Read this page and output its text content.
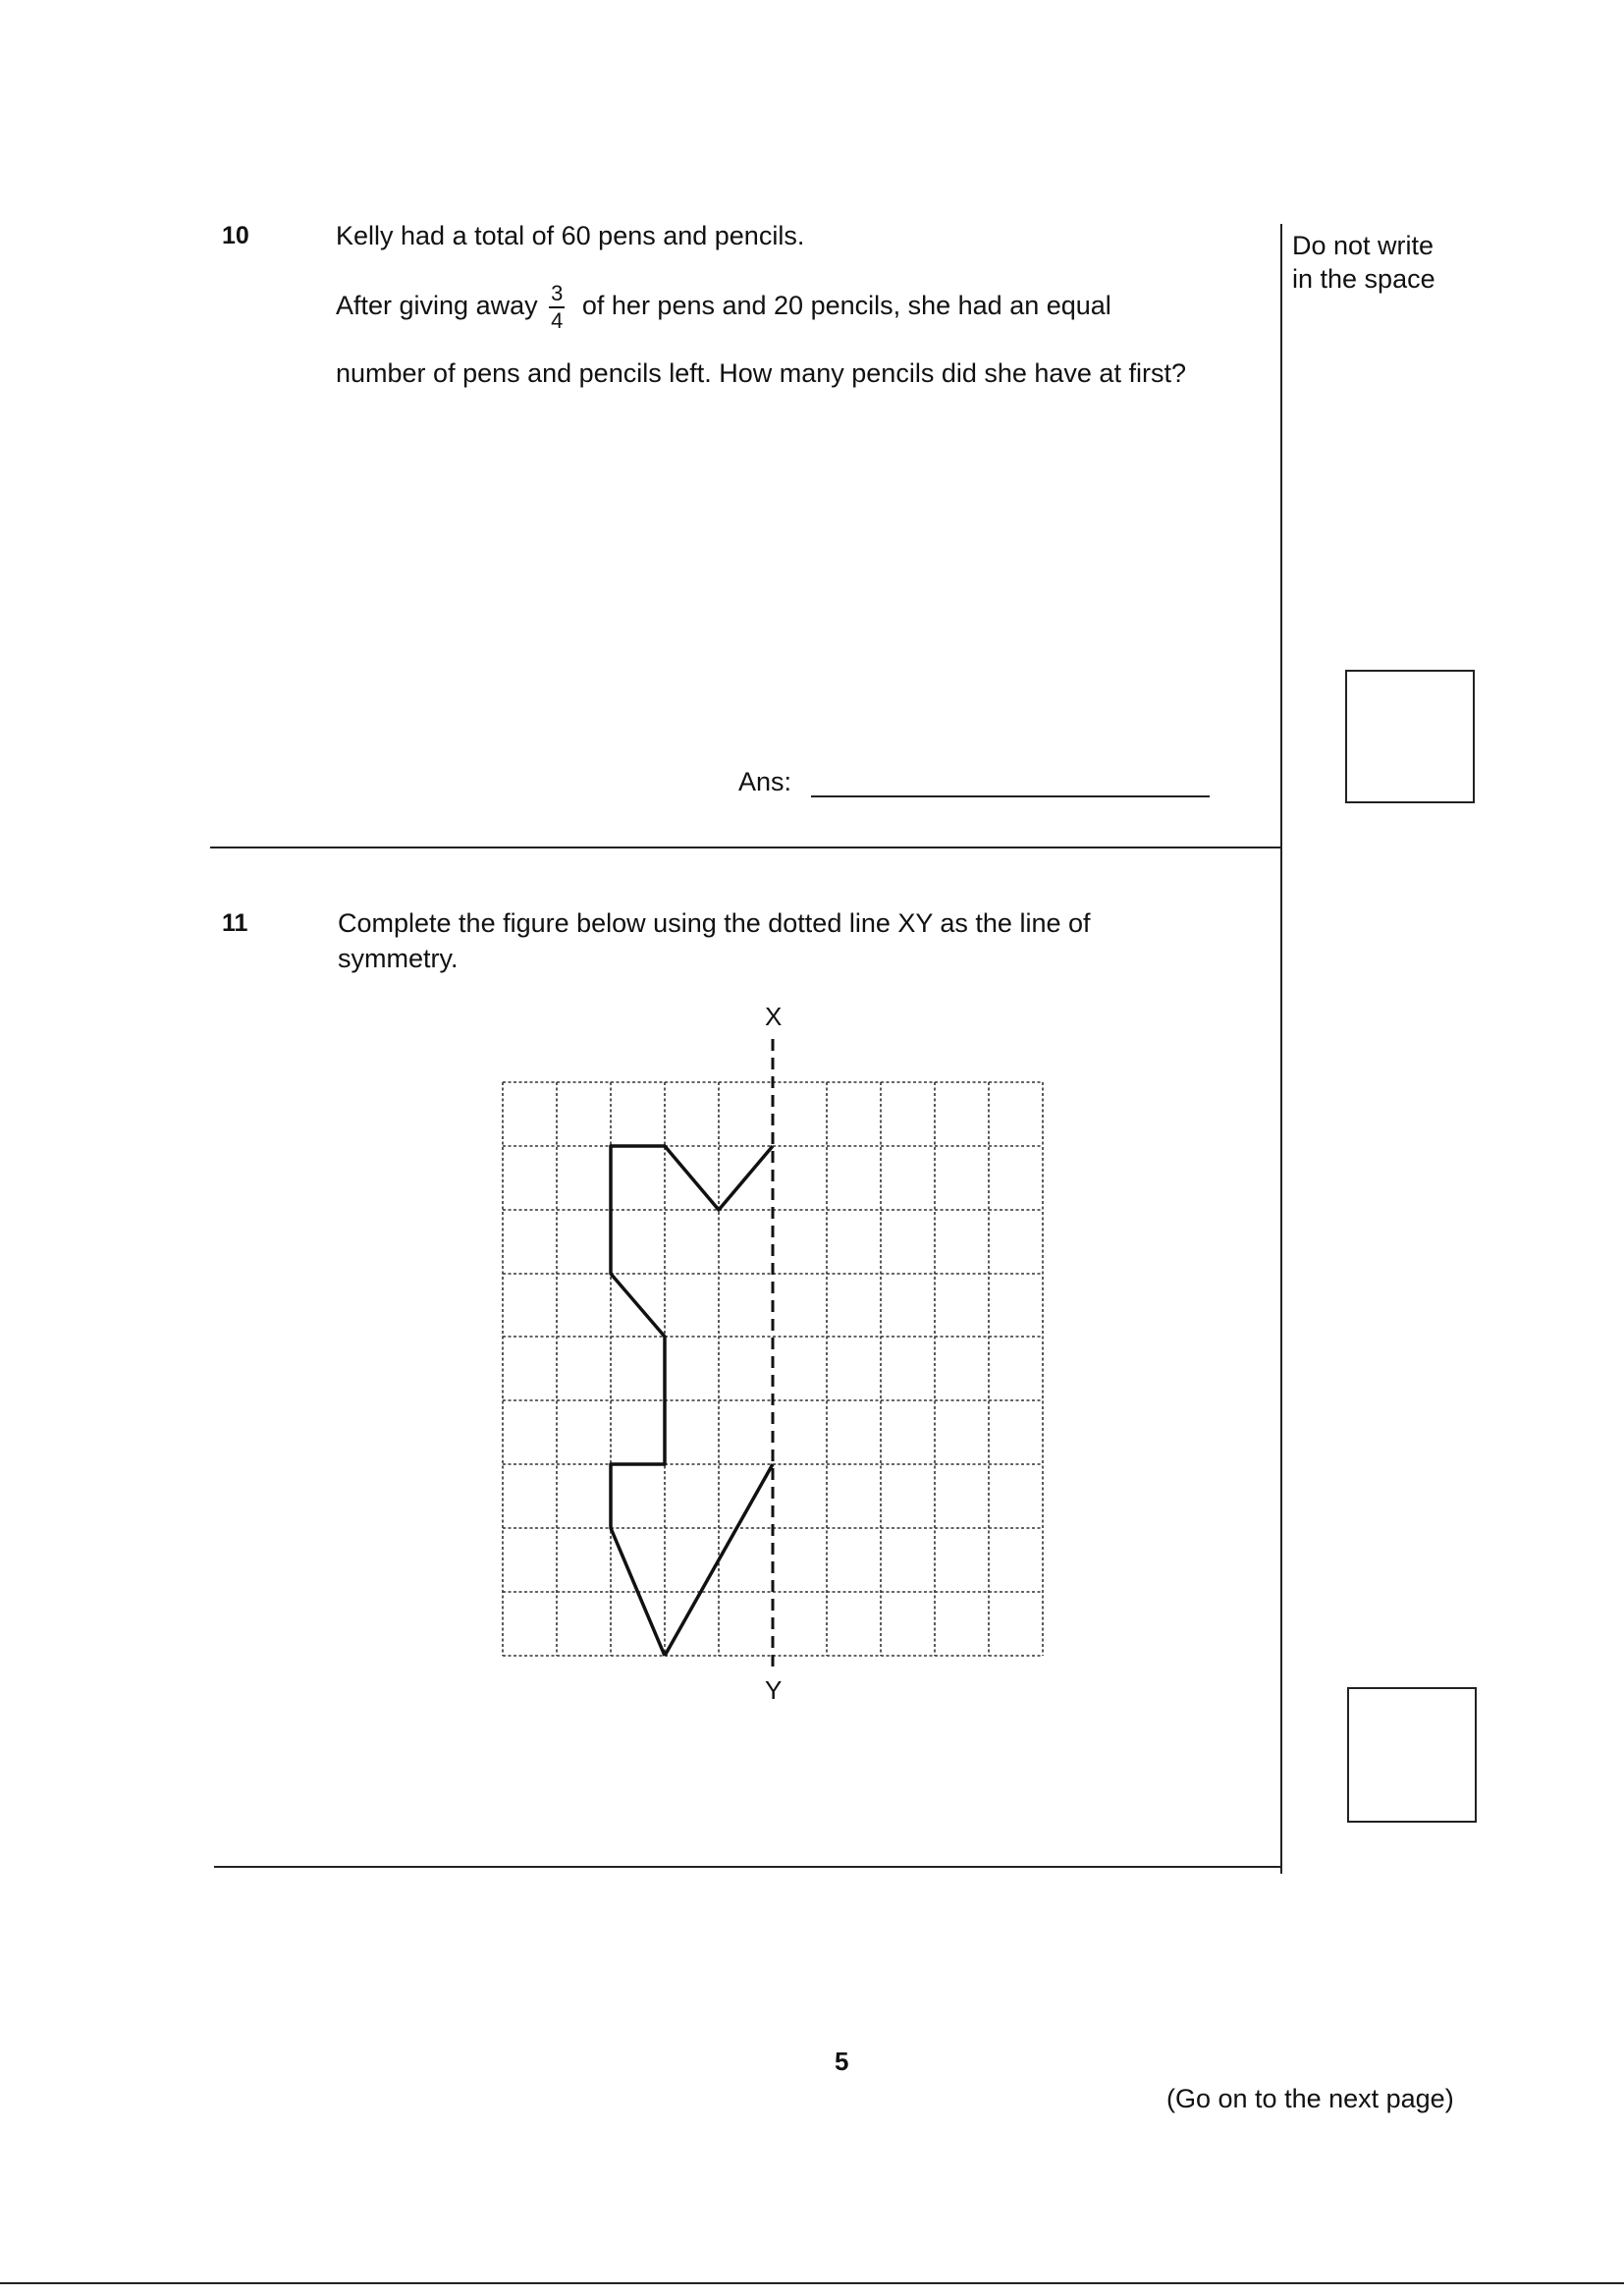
Do not write
in the space
10	Kelly had a total of 60 pens and pencils.
After giving away $\frac{3}{4}$ of her pens and 20 pencils, she had an equal
number of pens and pencils left. How many pencils did she have at first?
Ans:
11	Complete the figure below using the dotted line XY as the line of
symmetry.
X
Y
5
(Go on to the next page)
